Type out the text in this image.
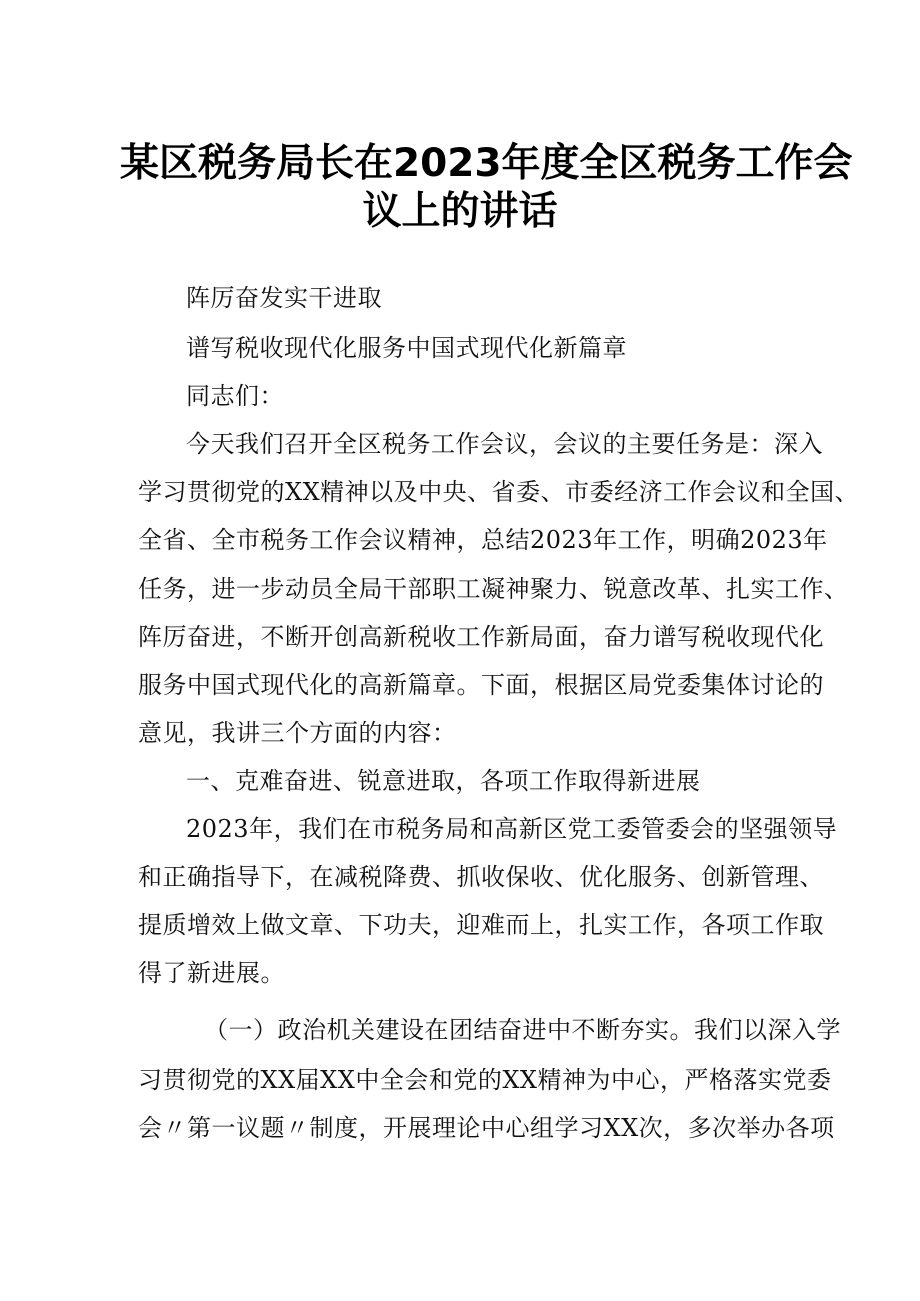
某区税务局长在2023年度全区税务工作会
议上的讲话
阵厉奋发实干进取
谱写税收现代化服务中国式现代化新篇章
同志们：
今天我们召开全区税务工作会议，会议的主要任务是：深入
学习贯彻党的XX精神以及中央、省委、市委经济工作会议和全国、
全省、全市税务工作会议精神，总结2023年工作，明确2023年
任务，进一步动员全局干部职工凝神聚力、锐意改革、扎实工作、
阵厉奋进，不断开创高新税收工作新局面，奋力谱写税收现代化
服务中国式现代化的高新篇章。下面，根据区局党委集体讨论的
意见，我讲三个方面的内容：
一、克难奋进、锐意进取，各项工作取得新进展
2023年，我们在市税务局和高新区党工委管委会的坚强领导
和正确指导下，在减税降费、抓收保收、优化服务、创新管理、
提质增效上做文章、下功夫，迎难而上，扎实工作，各项工作取
得了新进展。
（一）政治机关建设在团结奋进中不断夯实。我们以深入学
习贯彻党的XX届XX中全会和党的XX精神为中心，严格落实党委
会〃第一议题〃制度，开展理论中心组学习XX次，多次举办各项
